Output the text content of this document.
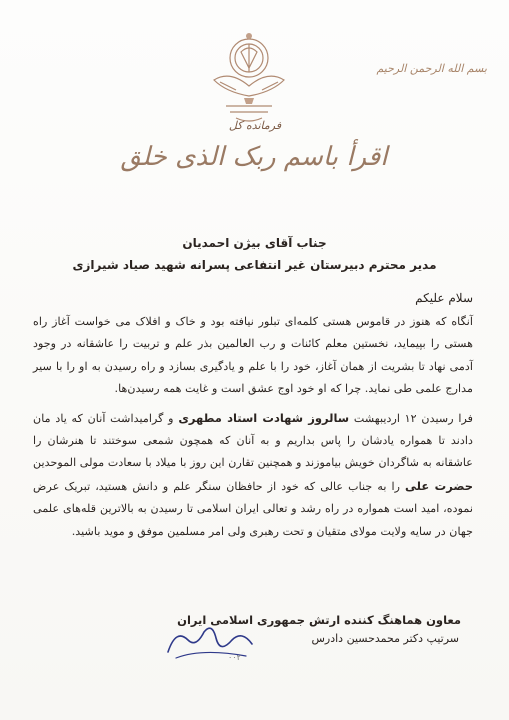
بسم الله الرحمن الرحیم
فرمانده کل
اقرأ باسم ربک الذی خلق
جناب آقای بیژن احمدیان
مدیر محترم دبیرستان غیر انتفاعی پسرانه شهید صیاد شیرازی
سلام علیکم

آنگاه که هنوز در قاموس هستی کلمه‌ای تبلور نیافته بود و خاک و افلاک می خواست آغاز راه هستی را بپیماید، نخستین معلم کائنات و رب العالمین بذر علم و تربیت را عاشقانه در وجود آدمی نهاد تا بشریت از همان آغاز، خود را با علم و یادگیری بسازد و راه رسیدن به او را با سیر مدارج علمی طی نماید. چرا که او خود اوج عشق است و غایت همه رسیدن‌ها.

فرا رسیدن ۱۲ اردیبهشت سالروز شهادت استاد مطهری و گرامیداشت آنان که یاد مان دادند تا همواره یادشان را پاس بداریم و به آنان که همچون شمعی سوختند تا هنرشان را عاشقانه به شاگردان خویش بیاموزند و همچنین تقارن این روز با میلاد با سعادت مولی الموحدین حضرت علی را به جناب عالی که خود از حافظان سنگر علم و دانش هستید، تبریک عرض نموده، امید است همواره در راه رشد و تعالی ایران اسلامی تا رسیدن به بالاترین قله‌های علمی جهان در سایه ولایت مولای متقیان و تحت رهبری ولی امر مسلمین موفق و موید باشید.

معاون هماهنگ کننده ارتش جمهوری اسلامی ایران
سرتیپ دکتر محمدحسین دادرس
۰۰۲
